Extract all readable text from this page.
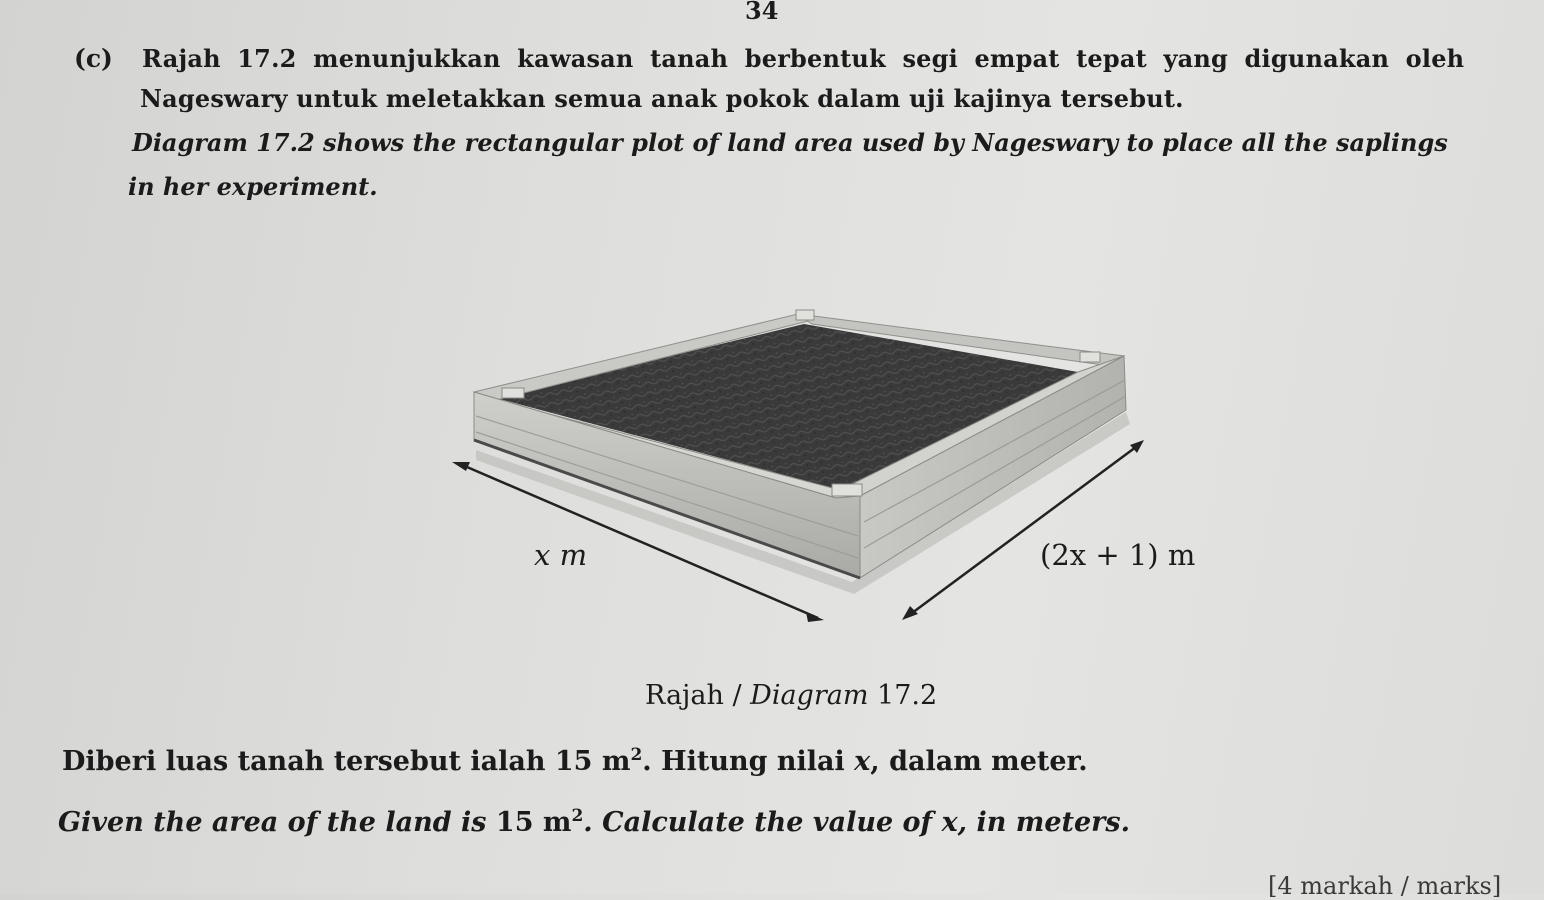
34
(c) Rajah 17.2 menunjukkan kawasan tanah berbentuk segi empat tepat yang digunakan oleh
Nageswary untuk meletakkan semua anak pokok dalam uji kajinya tersebut.
Diagram 17.2 shows the rectangular plot of land area used by Nageswary to place all the saplings
in her experiment.
x m	(2x + 1) m
Rajah / Diagram 17.2
Diberi luas tanah tersebut ialah 15 $m^2$. Hitung nilai x, dalam meter.
Given the area of the land is 15 $m^2$. Calculate the value of x, in meters.
[4 markah / marks]
